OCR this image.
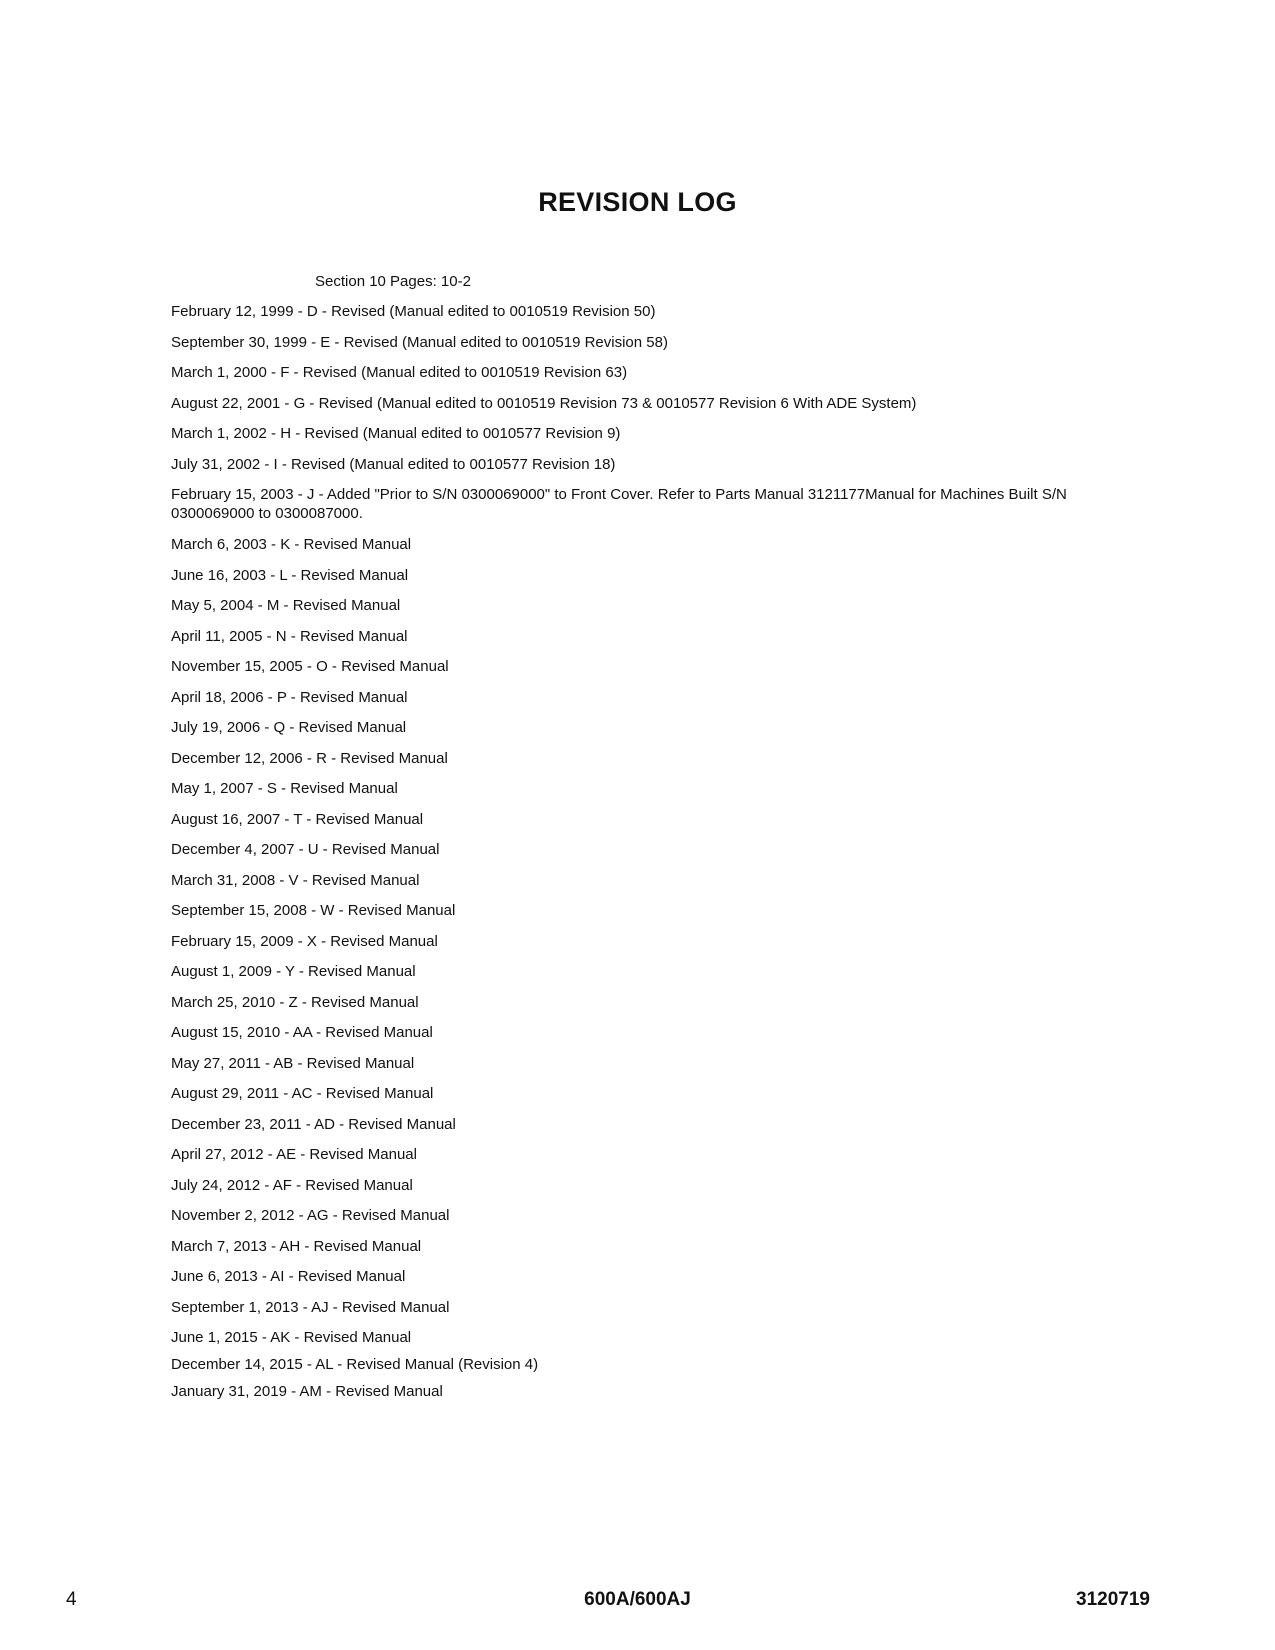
REVISION LOG
Section 10 Pages: 10-2
February 12, 1999 - D - Revised (Manual edited to 0010519 Revision 50)
September 30, 1999 - E - Revised (Manual edited to 0010519 Revision 58)
March 1, 2000 - F - Revised (Manual edited to 0010519 Revision 63)
August 22, 2001 - G - Revised (Manual edited to 0010519 Revision 73 & 0010577 Revision 6 With ADE System)
March 1, 2002 - H - Revised (Manual edited to 0010577 Revision 9)
July 31, 2002 - I - Revised (Manual edited to 0010577 Revision 18)
February 15, 2003 - J - Added "Prior to S/N 0300069000" to Front Cover. Refer to Parts Manual 3121177Manual for Machines Built S/N 0300069000 to 0300087000.
March 6, 2003 - K - Revised Manual
June 16, 2003 - L - Revised Manual
May 5, 2004 - M - Revised Manual
April 11, 2005 - N - Revised Manual
November 15, 2005 - O - Revised Manual
April 18, 2006 - P - Revised Manual
July 19, 2006 - Q - Revised Manual
December 12, 2006 - R - Revised Manual
May 1, 2007 - S - Revised Manual
August 16, 2007 - T - Revised Manual
December 4, 2007 - U - Revised Manual
March 31, 2008 - V - Revised Manual
September 15, 2008 - W - Revised Manual
February 15, 2009 - X - Revised Manual
August 1, 2009 - Y - Revised Manual
March 25, 2010 - Z - Revised Manual
August 15, 2010 - AA - Revised Manual
May 27, 2011 - AB - Revised Manual
August 29, 2011 - AC - Revised Manual
December 23, 2011 - AD - Revised Manual
April 27, 2012 - AE - Revised Manual
July 24, 2012 - AF - Revised Manual
November 2, 2012 - AG - Revised Manual
March 7, 2013 - AH - Revised Manual
June 6, 2013 - AI - Revised Manual
September 1, 2013 - AJ - Revised Manual
June 1, 2015 - AK - Revised Manual
December 14, 2015 - AL - Revised Manual (Revision 4)
January 31, 2019 - AM - Revised Manual
4	600A/600AJ	3120719
